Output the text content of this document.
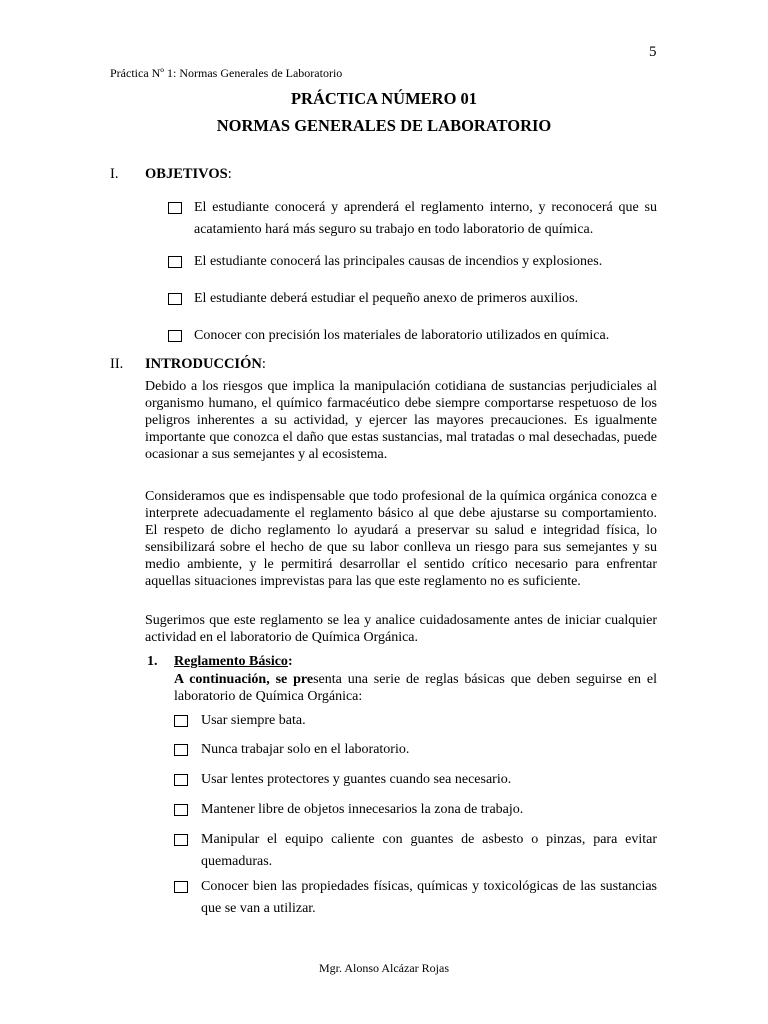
5
Práctica Nº 1: Normas Generales de Laboratorio
PRÁCTICA NÚMERO 01
NORMAS GENERALES DE LABORATORIO
I. OBJETIVOS:
El estudiante conocerá y aprenderá el reglamento interno, y reconocerá que su acatamiento hará más seguro su trabajo en todo laboratorio de química.
El estudiante conocerá las principales causas de incendios y explosiones.
El estudiante deberá estudiar el pequeño anexo de primeros auxilios.
Conocer con precisión los materiales de laboratorio utilizados en química.
II. INTRODUCCIÓN:
Debido a los riesgos que implica la manipulación cotidiana de sustancias perjudiciales al organismo humano, el químico farmacéutico debe siempre comportarse respetuoso de los peligros inherentes a su actividad, y ejercer las mayores precauciones. Es igualmente importante que conozca el daño que estas sustancias, mal tratadas o mal desechadas, puede ocasionar a sus semejantes y al ecosistema.
Consideramos que es indispensable que todo profesional de la química orgánica conozca e interprete adecuadamente el reglamento básico al que debe ajustarse su comportamiento. El respeto de dicho reglamento lo ayudará a preservar su salud e integridad física, lo sensibilizará sobre el hecho de que su labor conlleva un riesgo para sus semejantes y su medio ambiente, y le permitirá desarrollar el sentido crítico necesario para enfrentar aquellas situaciones imprevistas para las que este reglamento no es suficiente.
Sugerimos que este reglamento se lea y analice cuidadosamente antes de iniciar cualquier actividad en el laboratorio de Química Orgánica.
1. Reglamento Básico:
A continuación, se presenta una serie de reglas básicas que deben seguirse en el laboratorio de Química Orgánica:
Usar siempre bata.
Nunca trabajar solo en el laboratorio.
Usar lentes protectores y guantes cuando sea necesario.
Mantener libre de objetos innecesarios la zona de trabajo.
Manipular el equipo caliente con guantes de asbesto o pinzas, para evitar quemaduras.
Conocer bien las propiedades físicas, químicas y toxicológicas de las sustancias que se van a utilizar.
Mgr. Alonso Alcázar Rojas
